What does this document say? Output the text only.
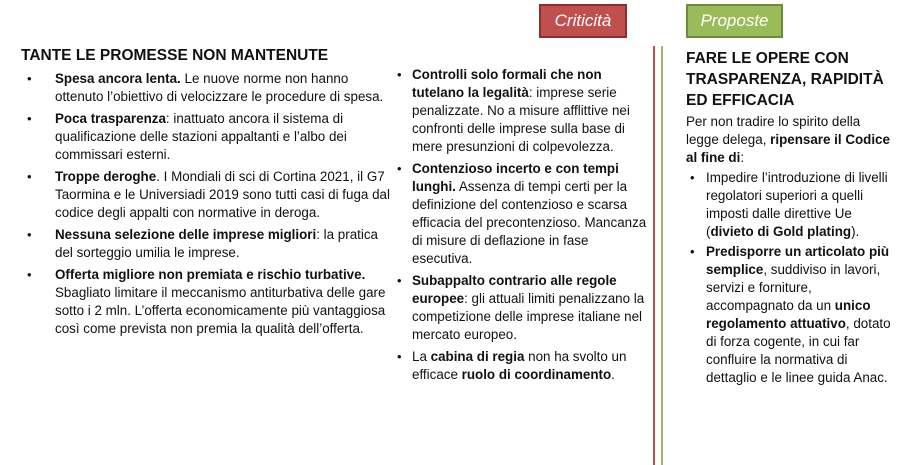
Criticità	Proposte
TANTE LE PROMESSE NON MANTENUTE
• Spesa ancora lenta. Le nuove norme non hanno ottenuto l’obiettivo di velocizzare le procedure di spesa.
• Poca trasparenza: inattuato ancora il sistema di qualificazione delle stazioni appaltanti e l’albo dei commissari esterni.
• Troppe deroghe. I Mondiali di sci di Cortina 2021, il G7 Taormina e le Universiadi 2019 sono tutti casi di fuga dal codice degli appalti con normative in deroga.
• Nessuna selezione delle imprese migliori: la pratica del sorteggio umilia le imprese.
• Offerta migliore non premiata e rischio turbative. Sbagliato limitare il meccanismo antiturbativa delle gare sotto i 2 mln. L’offerta economicamente più vantaggiosa così come prevista non premia la qualità dell’offerta.
• Controlli solo formali che non tutelano la legalità: imprese serie penalizzate. No a misure afflittive nei confronti delle imprese sulla base di mere presunzioni di colpevolezza.
• Contenzioso incerto e con tempi lunghi. Assenza di tempi certi per la definizione del contenzioso e scarsa efficacia del precontenzioso. Mancanza di misure di deflazione in fase esecutiva.
• Subappalto contrario alle regole europee: gli attuali limiti penalizzano la competizione delle imprese italiane nel mercato europeo.
• La cabina di regia non ha svolto un efficace ruolo di coordinamento.
FARE LE OPERE CON TRASPARENZA, RAPIDITÀ ED EFFICACIA
Per non tradire lo spirito della legge delega, ripensare il Codice al fine di:
• Impedire l’introduzione di livelli regolatori superiori a quelli imposti dalle direttive Ue (divieto di Gold plating).
• Predisporre un articolato più semplice, suddiviso in lavori, servizi e forniture, accompagnato da un unico regolamento attuativo, dotato di forza cogente, in cui far confluire la normativa di dettaglio e le linee guida Anac.
